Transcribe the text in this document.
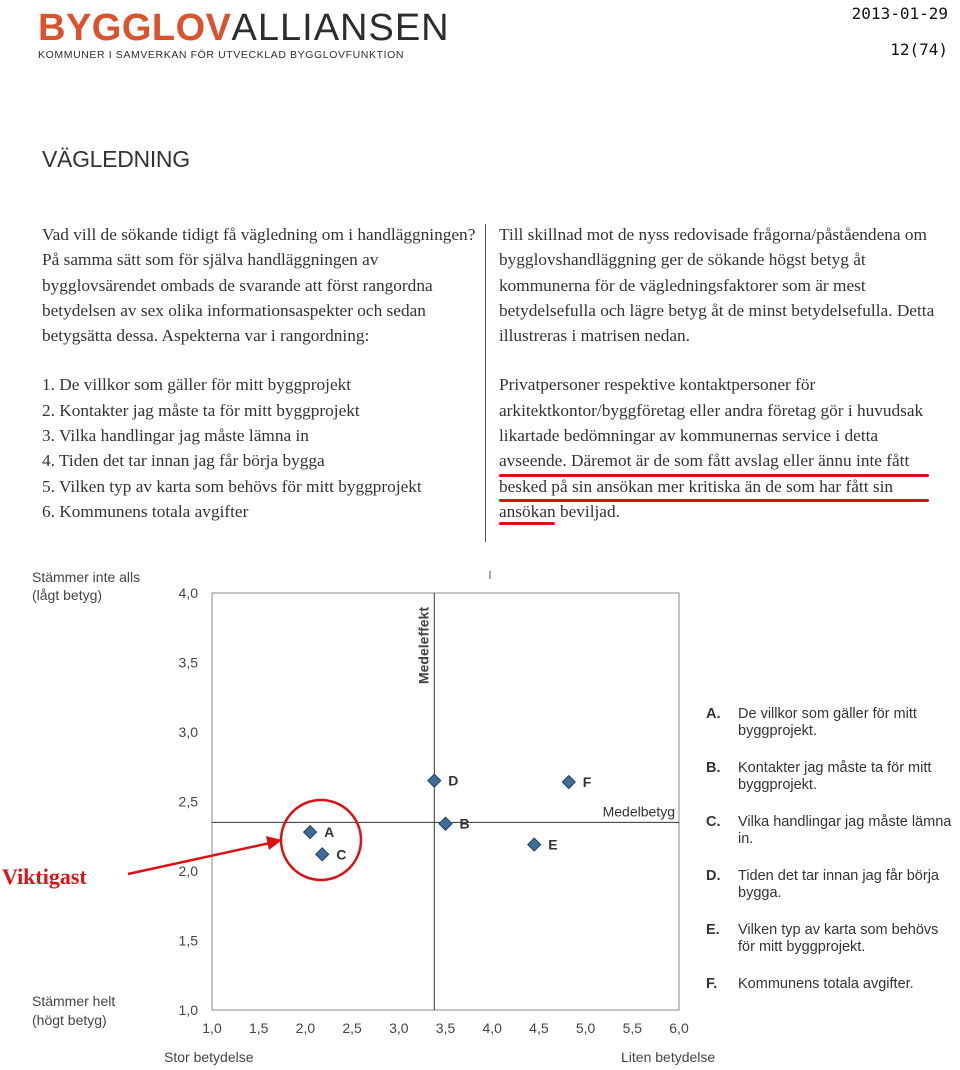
BYGGLOVALLIANSEN
KOMMUNER I SAMVERKAN FÖR UTVECKLAD BYGGLOVFUNKTION
2013-01-29
12(74)
VÄGLEDNING

Vad vill de sökande tidigt få vägledning om i handläggningen? På samma sätt som för själva handläggningen av bygglovsärendet ombads de svarande att först rangordna betydelsen av sex olika informationsaspekter och sedan betygsätta dessa. Aspekterna var i rangordning:

1. De villkor som gäller för mitt byggprojekt
2. Kontakter jag måste ta för mitt byggprojekt
3. Vilka handlingar jag måste lämna in
4. Tiden det tar innan jag får börja bygga
5. Vilken typ av karta som behövs för mitt byggprojekt
6. Kommunens totala avgifter

Till skillnad mot de nyss redovisade frågorna/påståendena om bygglovshandläggning ger de sökande högst betyg åt kommunerna för de vägledningsfaktorer som är mest betydelsefulla och lägre betyg åt de minst betydelsefulla. Detta illustreras i matrisen nedan.

Privatpersoner respektive kontaktpersoner för arkitektkontor/byggföretag eller andra företag gör i huvudsak likartade bedömningar av kommunernas service i detta avseende. Däremot är de som fått avslag eller ännu inte fått besked på sin ansökan mer kritiska än de som har fått sin ansökan beviljad.

1,0
1,5
2,0
2,5
3,0
3,5
4,0
1,0 1,5 2,0 2,5 3,0 3,5 4,0 4,5 5,0 5,5 6,0
Medeleffekt
Medelbetyg
Stämmer inte alls
(lågt betyg)
Stämmer helt
(högt betyg)
Stor betydelse	Liten betydelse
A
B
C
D
E
F
Viktigast
A.	De villkor som gäller för mitt byggprojekt.
B.	Kontakter jag måste ta för mitt byggprojekt.
C.	Vilka handlingar jag måste lämna in.
D.	Tiden det tar innan jag får börja bygga.
E.	Vilken typ av karta som behövs för mitt byggprojekt.
F.	Kommunens totala avgifter.
